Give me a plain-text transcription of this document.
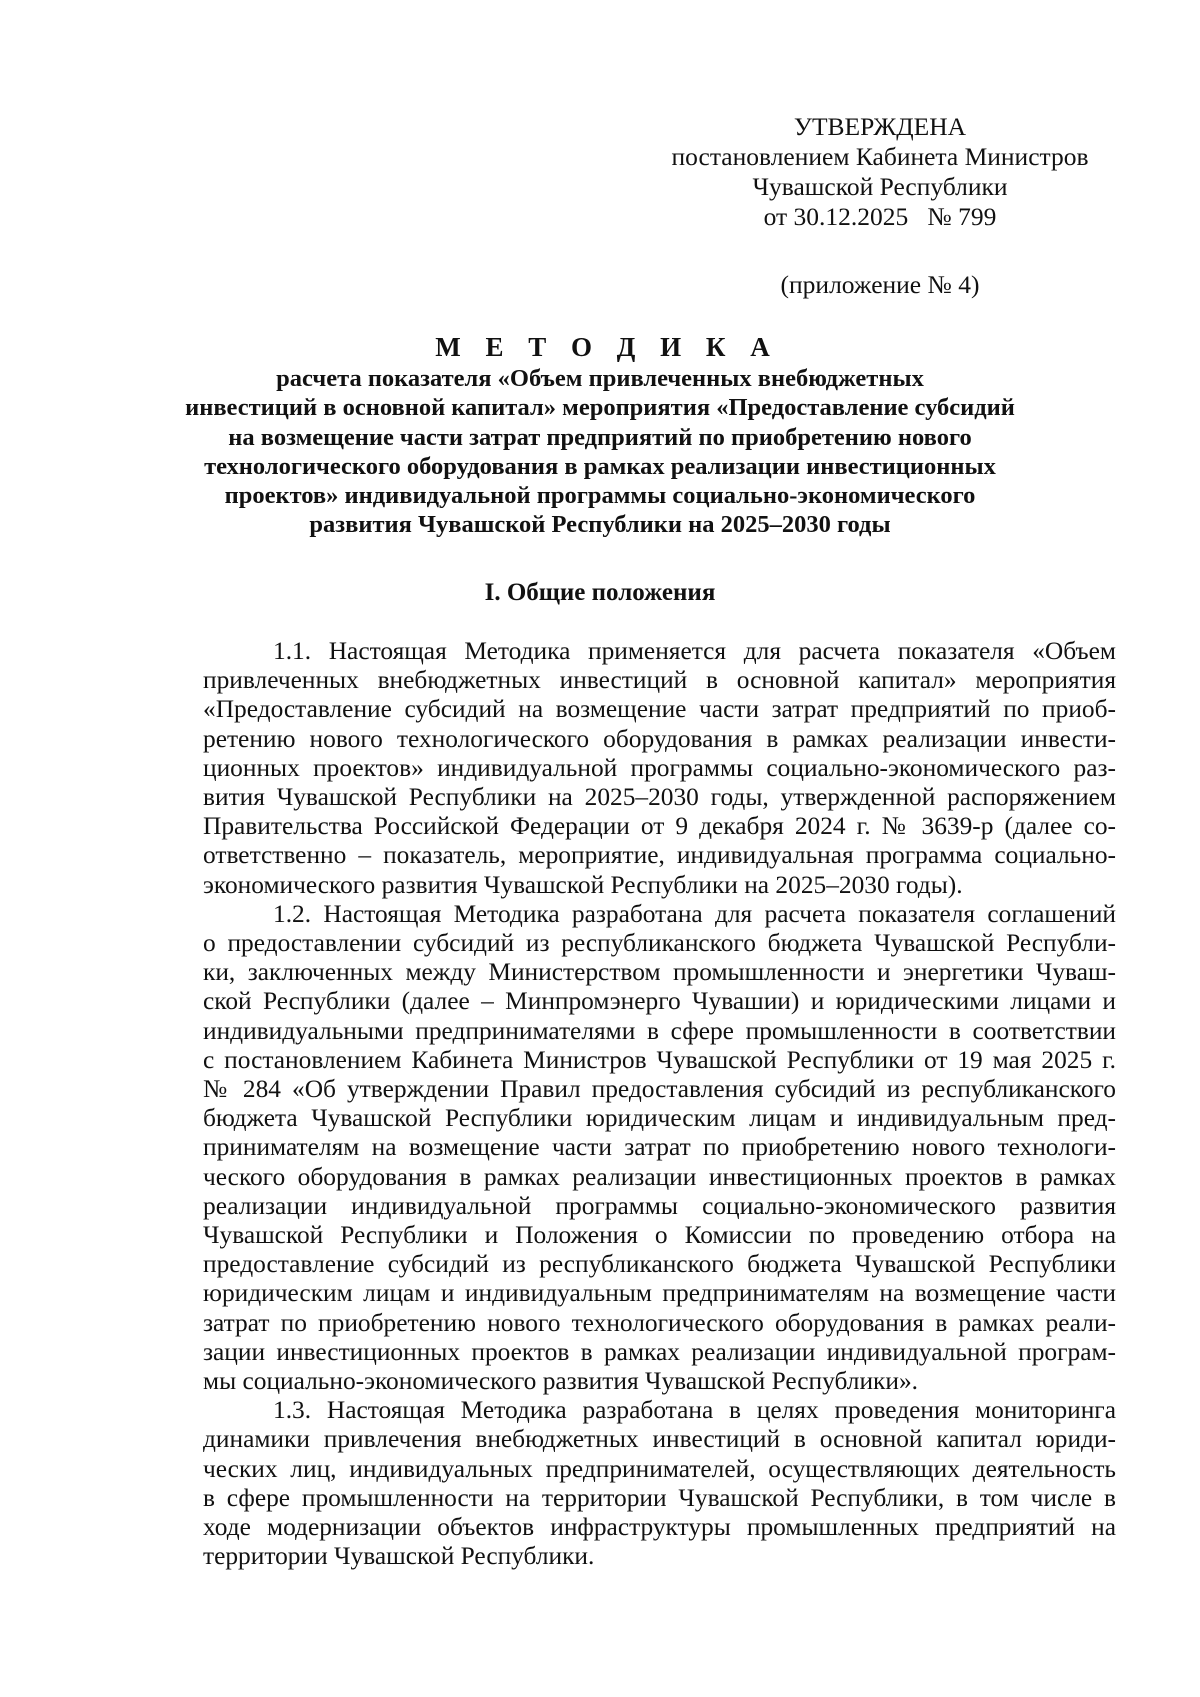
УТВЕРЖДЕНА
постановлением Кабинета Министров
Чувашской Республики
от 30.12.2025   № 799
(приложение № 4)
М Е Т О Д И К А
расчета показателя «Объем привлеченных внебюджетных
инвестиций в основной капитал» мероприятия «Предоставление субсидий
на возмещение части затрат предприятий по приобретению нового
технологического оборудования в рамках реализации инвестиционных
проектов» индивидуальной программы социально-экономического
развития Чувашской Республики на 2025–2030 годы
I. Общие положения
1.1. Настоящая Методика применяется для расчета показателя «Объем
привлеченных внебюджетных инвестиций в основной капитал» мероприятия
«Предоставление субсидий на возмещение части затрат предприятий по приоб-
ретению нового технологического оборудования в рамках реализации инвести-
ционных проектов» индивидуальной программы социально-экономического раз-
вития Чувашской Республики на 2025–2030 годы, утвержденной распоряжением
Правительства Российской Федерации от 9 декабря 2024 г. № 3639-р (далее со-
ответственно – показатель, мероприятие, индивидуальная программа социально-
экономического развития Чувашской Республики на 2025–2030 годы).
1.2. Настоящая Методика разработана для расчета показателя соглашений
о предоставлении субсидий из республиканского бюджета Чувашской Республи-
ки, заключенных между Министерством промышленности и энергетики Чуваш-
ской Республики (далее – Минпромэнерго Чувашии) и юридическими лицами и
индивидуальными предпринимателями в сфере промышленности в соответствии
с постановлением Кабинета Министров Чувашской Республики от 19 мая 2025 г.
№ 284 «Об утверждении Правил предоставления субсидий из республиканского
бюджета Чувашской Республики юридическим лицам и индивидуальным пред-
принимателям на возмещение части затрат по приобретению нового технологи-
ческого оборудования в рамках реализации инвестиционных проектов в рамках
реализации индивидуальной программы социально-экономического развития
Чувашской Республики и Положения о Комиссии по проведению отбора на
предоставление субсидий из республиканского бюджета Чувашской Республики
юридическим лицам и индивидуальным предпринимателям на возмещение части
затрат по приобретению нового технологического оборудования в рамках реали-
зации инвестиционных проектов в рамках реализации индивидуальной програм-
мы социально-экономического развития Чувашской Республики».
1.3. Настоящая Методика разработана в целях проведения мониторинга
динамики привлечения внебюджетных инвестиций в основной капитал юриди-
ческих лиц, индивидуальных предпринимателей, осуществляющих деятельность
в сфере промышленности на территории Чувашской Республики, в том числе в
ходе модернизации объектов инфраструктуры промышленных предприятий на
территории Чувашской Республики.
